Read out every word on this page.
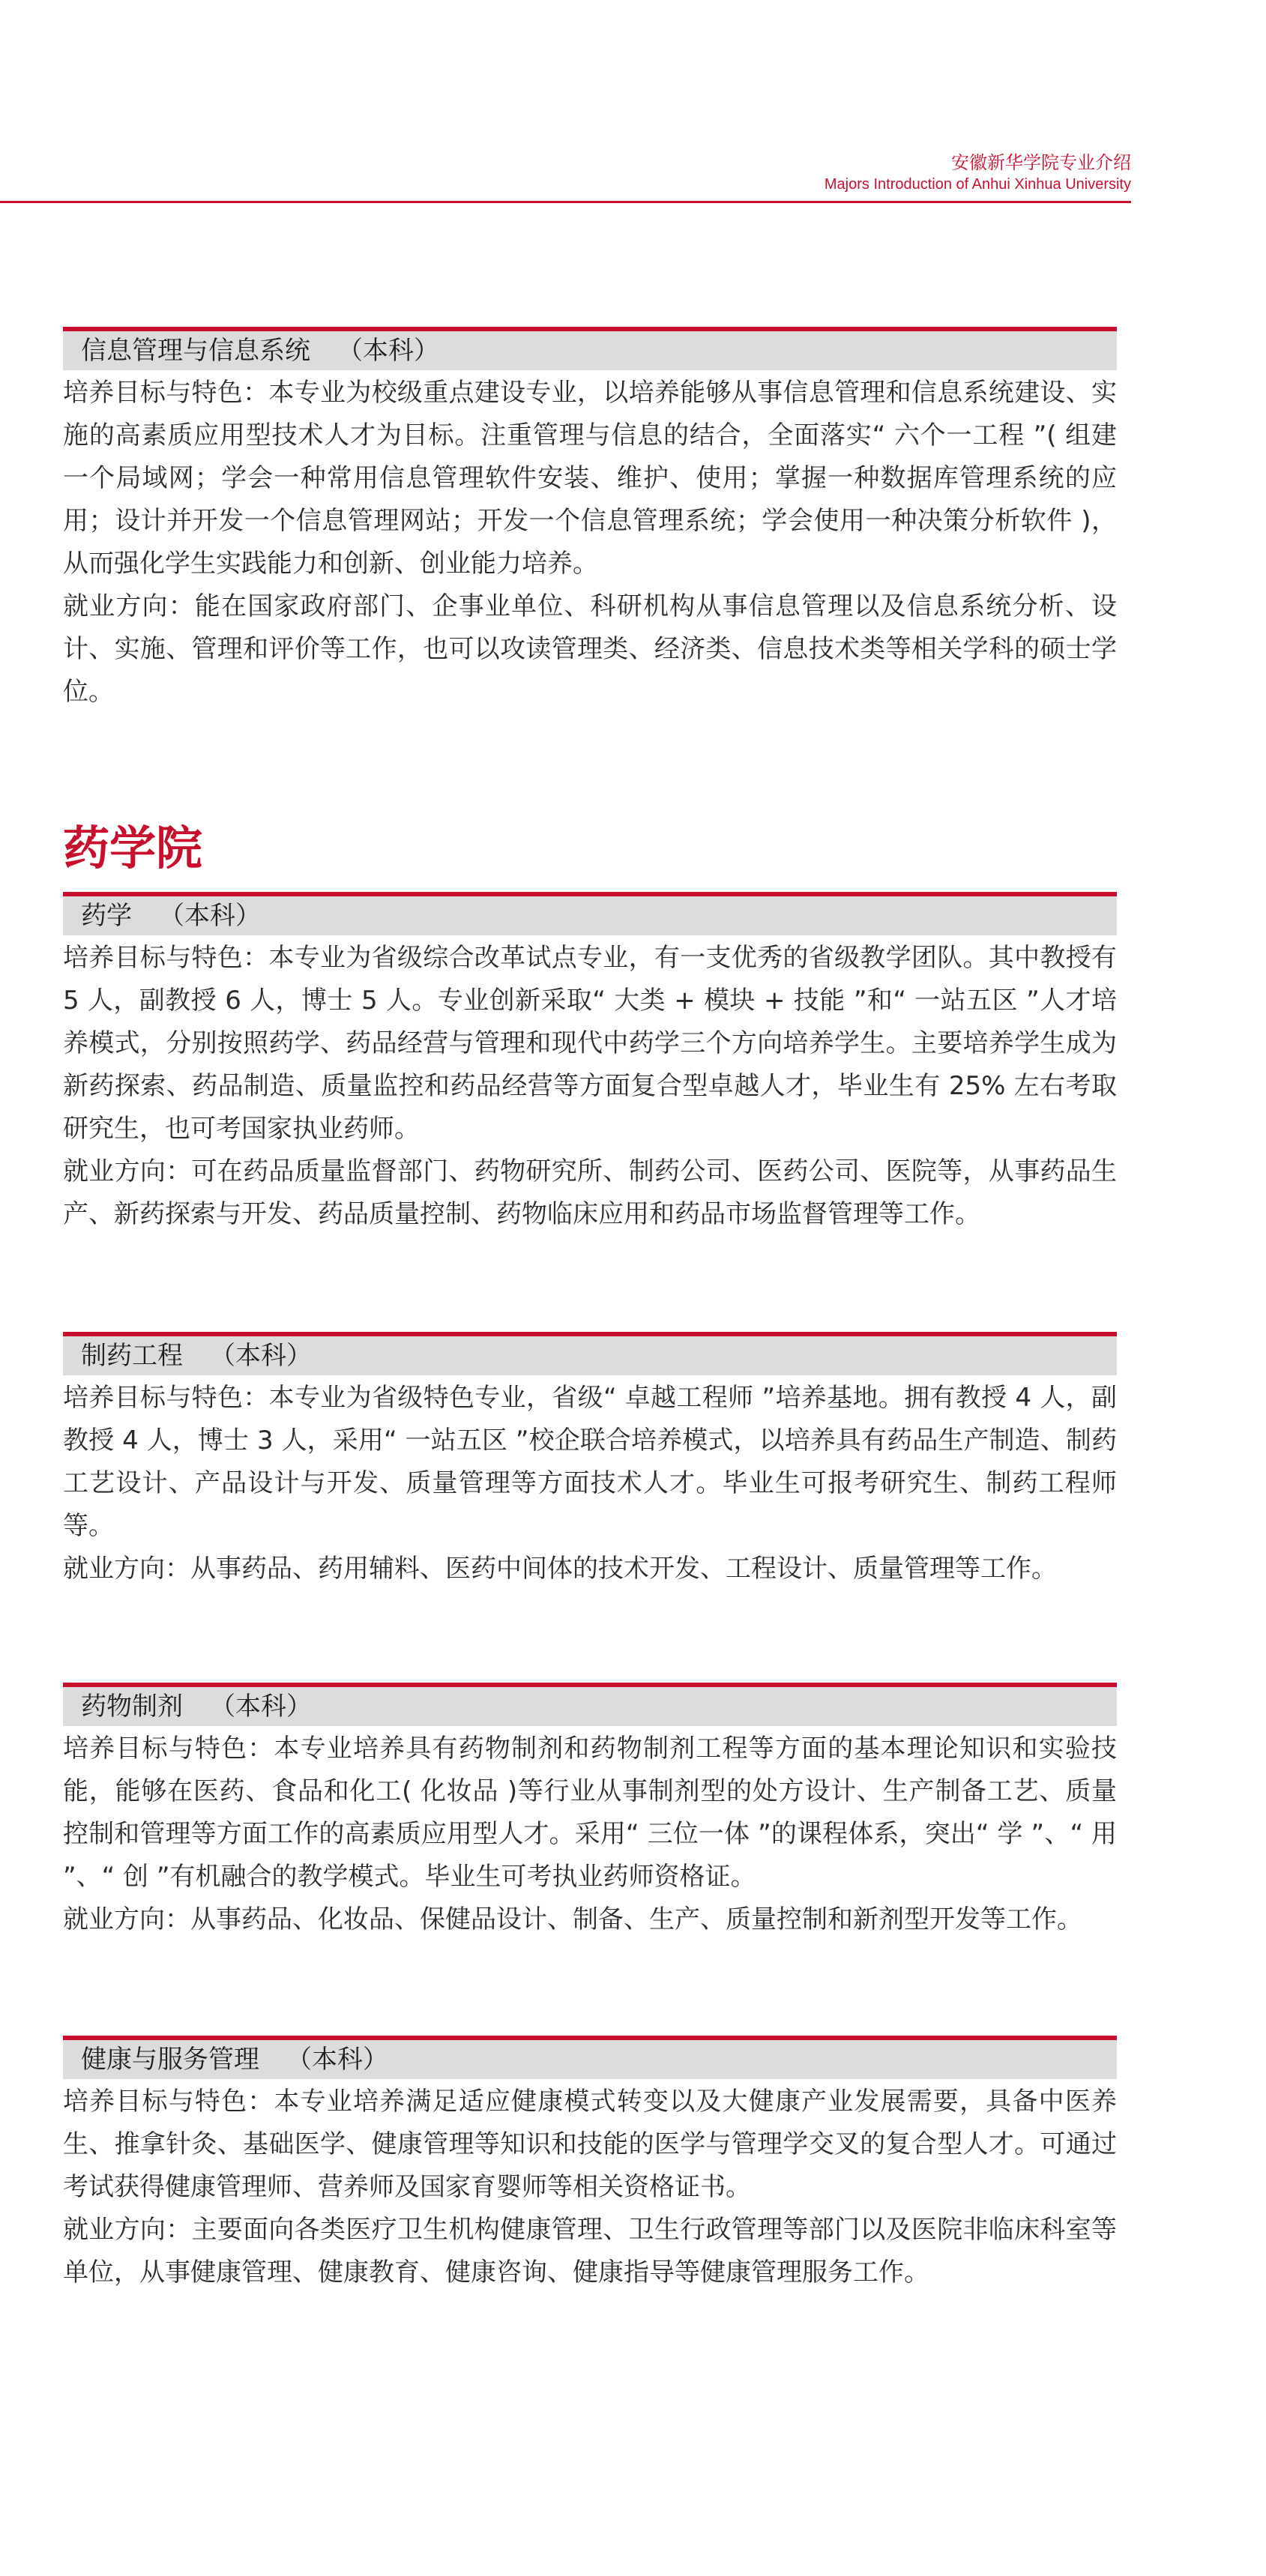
安徽新华学院专业介绍
Majors Introduction of Anhui Xinhua University
信息管理与信息系统 （本科）

培养目标与特色：本专业为校级重点建设专业，以培养能够从事信息管理和信息系统建设、实施的高素质应用型技术人才为目标。注重管理与信息的结合，全面落实“ 六个一工程 ”( 组建一个局域网；学会一种常用信息管理软件安装、维护、使用；掌握一种数据库管理系统的应用；设计并开发一个信息管理网站；开发一个信息管理系统；学会使用一种决策分析软件 )，从而强化学生实践能力和创新、创业能力培养。

就业方向：能在国家政府部门、企事业单位、科研机构从事信息管理以及信息系统分析、设计、实施、管理和评价等工作，也可以攻读管理类、经济类、信息技术类等相关学科的硕士学位。

药学院
药学 （本科）

培养目标与特色：本专业为省级综合改革试点专业，有一支优秀的省级教学团队。其中教授有 5 人，副教授 6 人，博士 5 人。专业创新采取“ 大类 + 模块 + 技能 ”和“ 一站五区 ”人才培养模式，分别按照药学、药品经营与管理和现代中药学三个方向培养学生。主要培养学生成为新药探索、药品制造、质量监控和药品经营等方面复合型卓越人才，毕业生有 25% 左右考取研究生，也可考国家执业药师。

就业方向：可在药品质量监督部门、药物研究所、制药公司、医药公司、医院等，从事药品生产、新药探索与开发、药品质量控制、药物临床应用和药品市场监督管理等工作。

制药工程 （本科）

培养目标与特色：本专业为省级特色专业，省级“ 卓越工程师 ”培养基地。拥有教授 4 人，副教授 4 人，博士 3 人，采用“ 一站五区 ”校企联合培养模式，以培养具有药品生产制造、制药工艺设计、产品设计与开发、质量管理等方面技术人才。毕业生可报考研究生、制药工程师等。

就业方向：从事药品、药用辅料、医药中间体的技术开发、工程设计、质量管理等工作。

药物制剂 （本科）

培养目标与特色：本专业培养具有药物制剂和药物制剂工程等方面的基本理论知识和实验技能，能够在医药、食品和化工( 化妆品 )等行业从事制剂型的处方设计、生产制备工艺、质量控制和管理等方面工作的高素质应用型人才。采用“ 三位一体 ”的课程体系，突出“ 学 ”、“ 用 ”、“ 创 ”有机融合的教学模式。毕业生可考执业药师资格证。

就业方向：从事药品、化妆品、保健品设计、制备、生产、质量控制和新剂型开发等工作。

健康与服务管理 （本科）

培养目标与特色：本专业培养满足适应健康模式转变以及大健康产业发展需要，具备中医养生、推拿针灸、基础医学、健康管理等知识和技能的医学与管理学交叉的复合型人才。可通过考试获得健康管理师、营养师及国家育婴师等相关资格证书。

就业方向：主要面向各类医疗卫生机构健康管理、卫生行政管理等部门以及医院非临床科室等单位，从事健康管理、健康教育、健康咨询、健康指导等健康管理服务工作。
